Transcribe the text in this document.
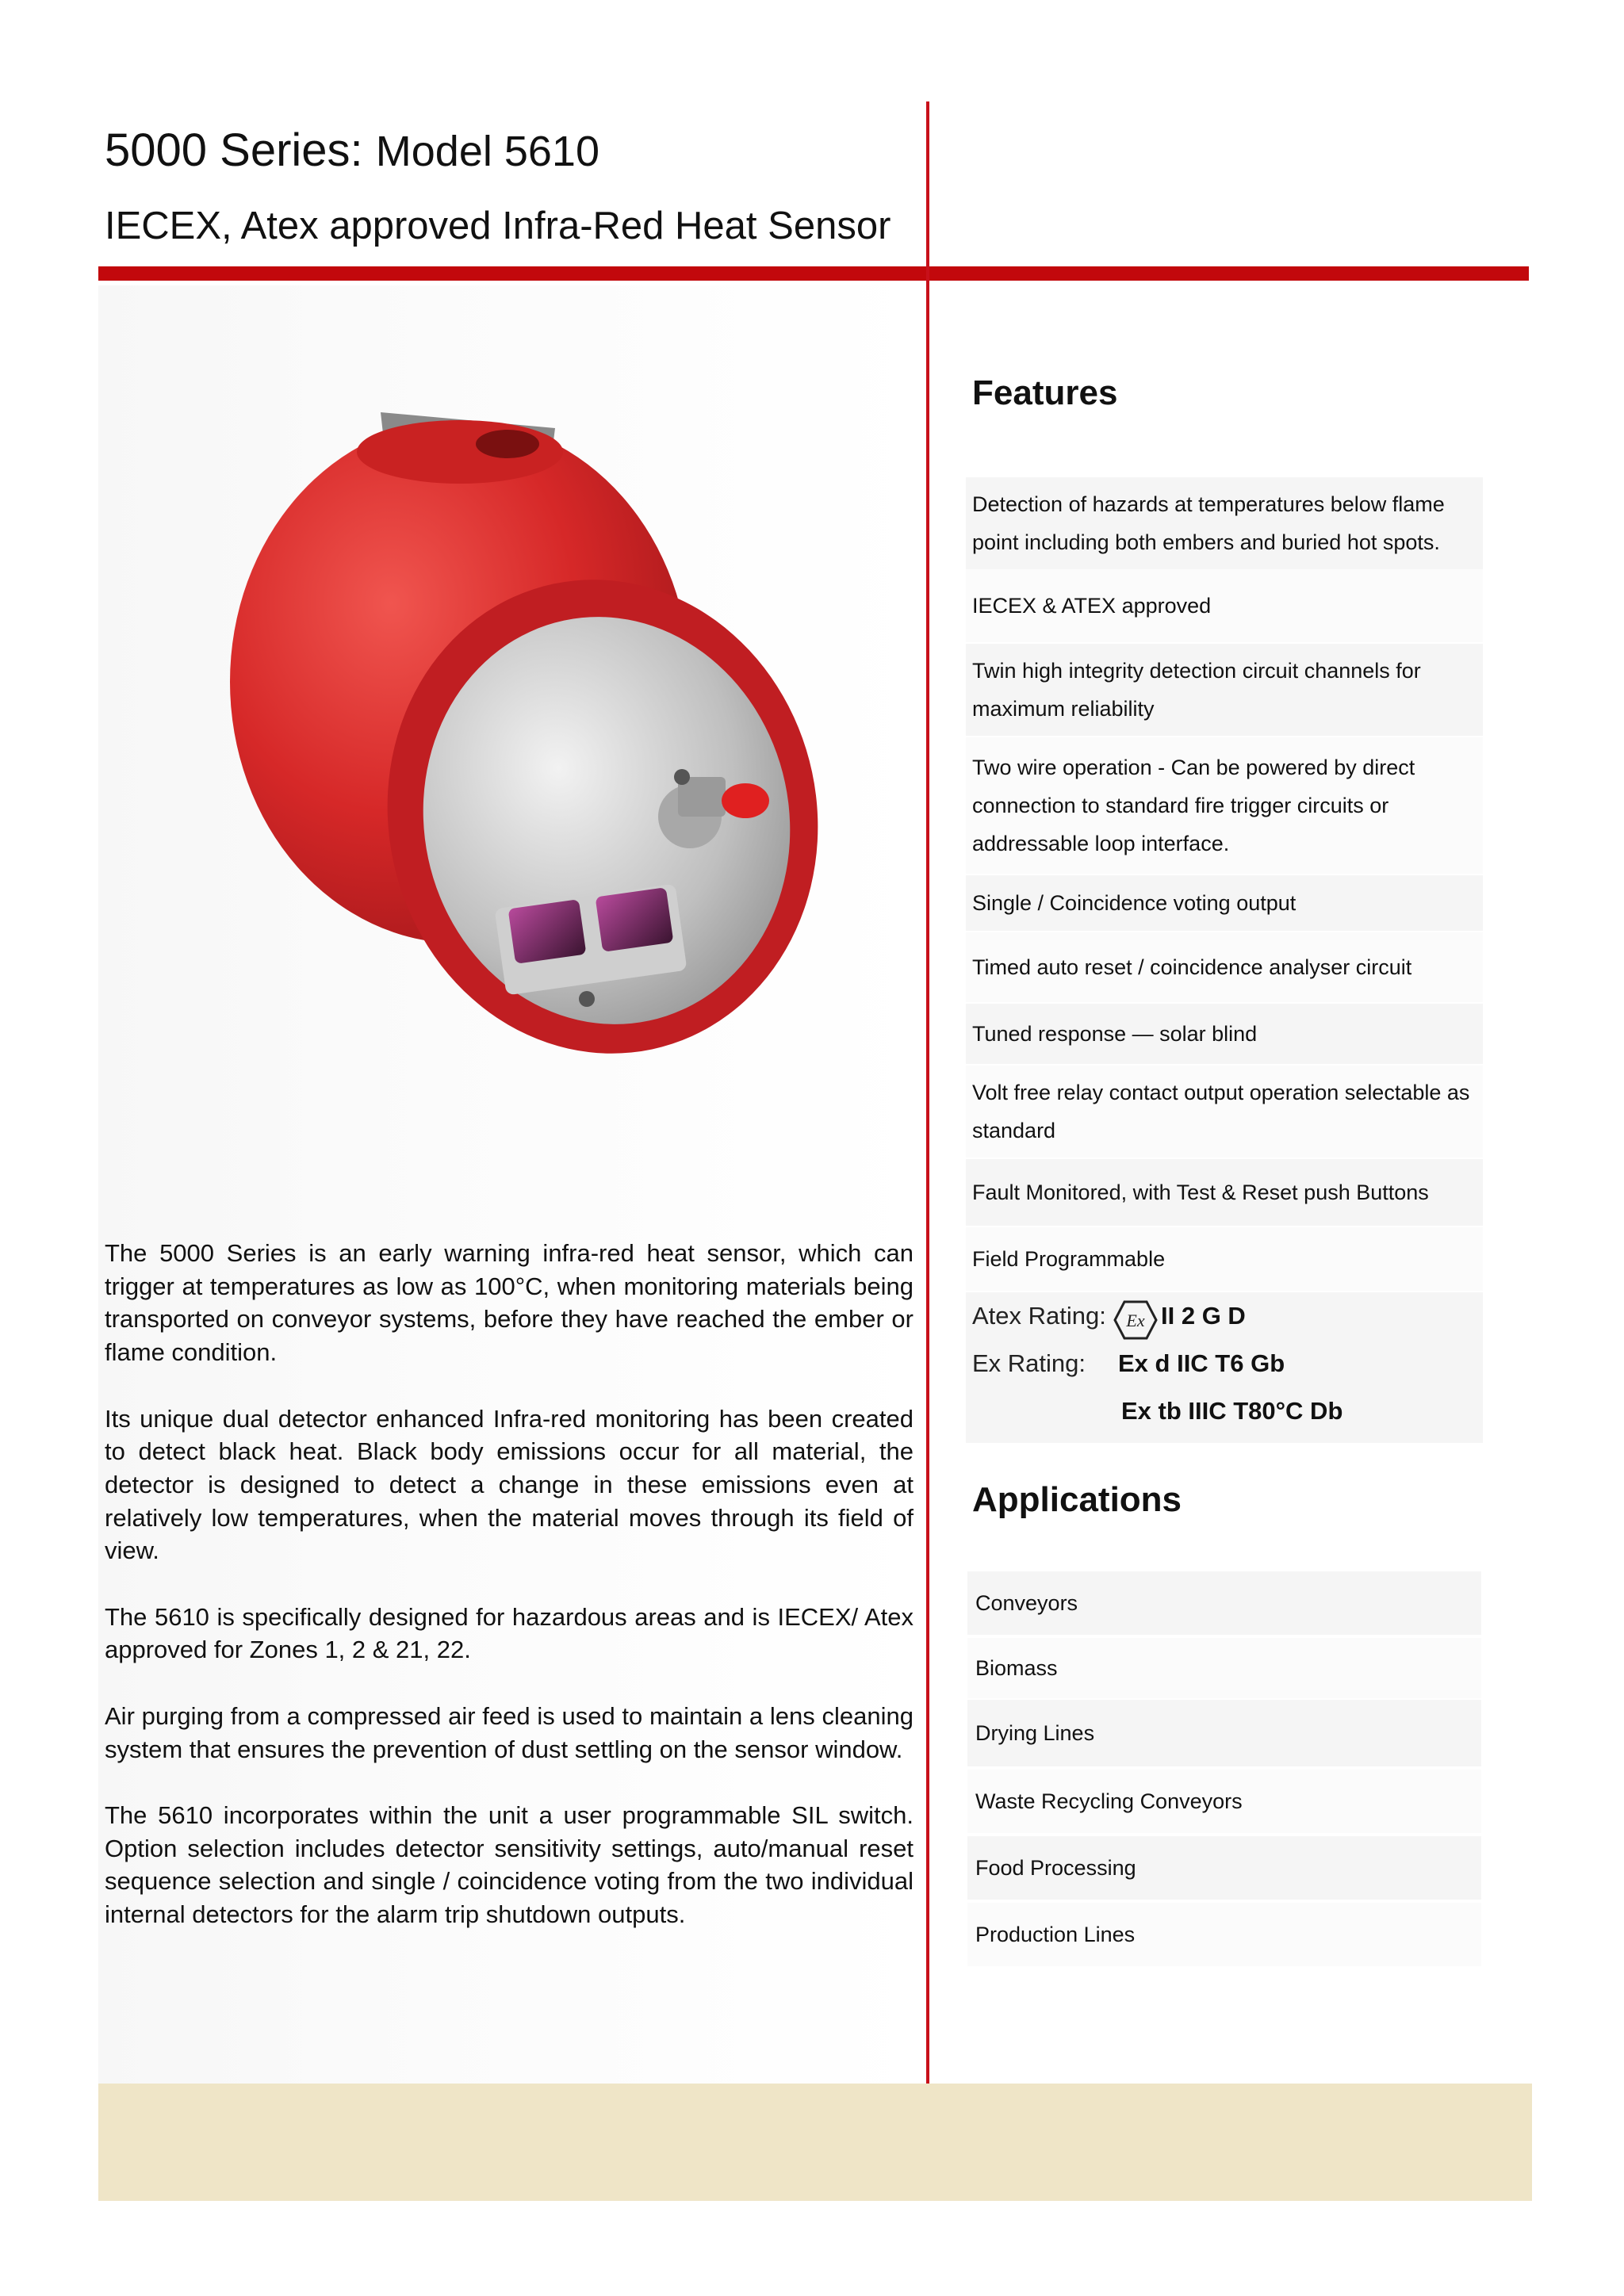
5000 Series: Model 5610
IECEX, Atex approved Infra-Red Heat Sensor

The 5000 Series is an early warning infra-red heat sensor, which can trigger at temperatures as low as 100°C, when monitoring materials being transported on conveyor systems, before they have reached the ember or flame condition.

Its unique dual detector enhanced Infra-red monitoring has been created to detect black heat. Black body emissions occur for all material, the detector is designed to detect a change in these emissions even at relatively low temperatures, when the material moves through its field of view.

The 5610 is specifically designed for hazardous areas and is IECEX/ Atex approved for Zones 1, 2 & 21, 22.

Air purging from a compressed air feed is used to maintain a lens cleaning system that ensures the prevention of dust settling on the sensor window.

The 5610 incorporates within the unit a user programmable SIL switch. Option selection includes detector sensitivity settings, auto/manual reset sequence selection and single / coincidence voting from the two individual internal detectors for the alarm trip shutdown outputs.

Features
Detection of hazards at temperatures below flame point including both embers and buried hot spots.
IECEX & ATEX approved
Twin high integrity detection circuit channels for maximum reliability
Two wire operation - Can be powered by direct connection to standard fire trigger circuits or addressable loop interface.
Single / Coincidence voting output
Timed auto reset / coincidence analyser circuit
Tuned response — solar blind
Volt free relay contact output operation selectable as standard
Fault Monitored, with Test & Reset push Buttons
Field Programmable
Atex Rating: Ex II 2 G D
Ex Rating: Ex d IIC T6 Gb
Ex tb IIIC T80°C Db
Applications
Conveyors
Biomass
Drying Lines
Waste Recycling Conveyors
Food Processing
Production Lines
